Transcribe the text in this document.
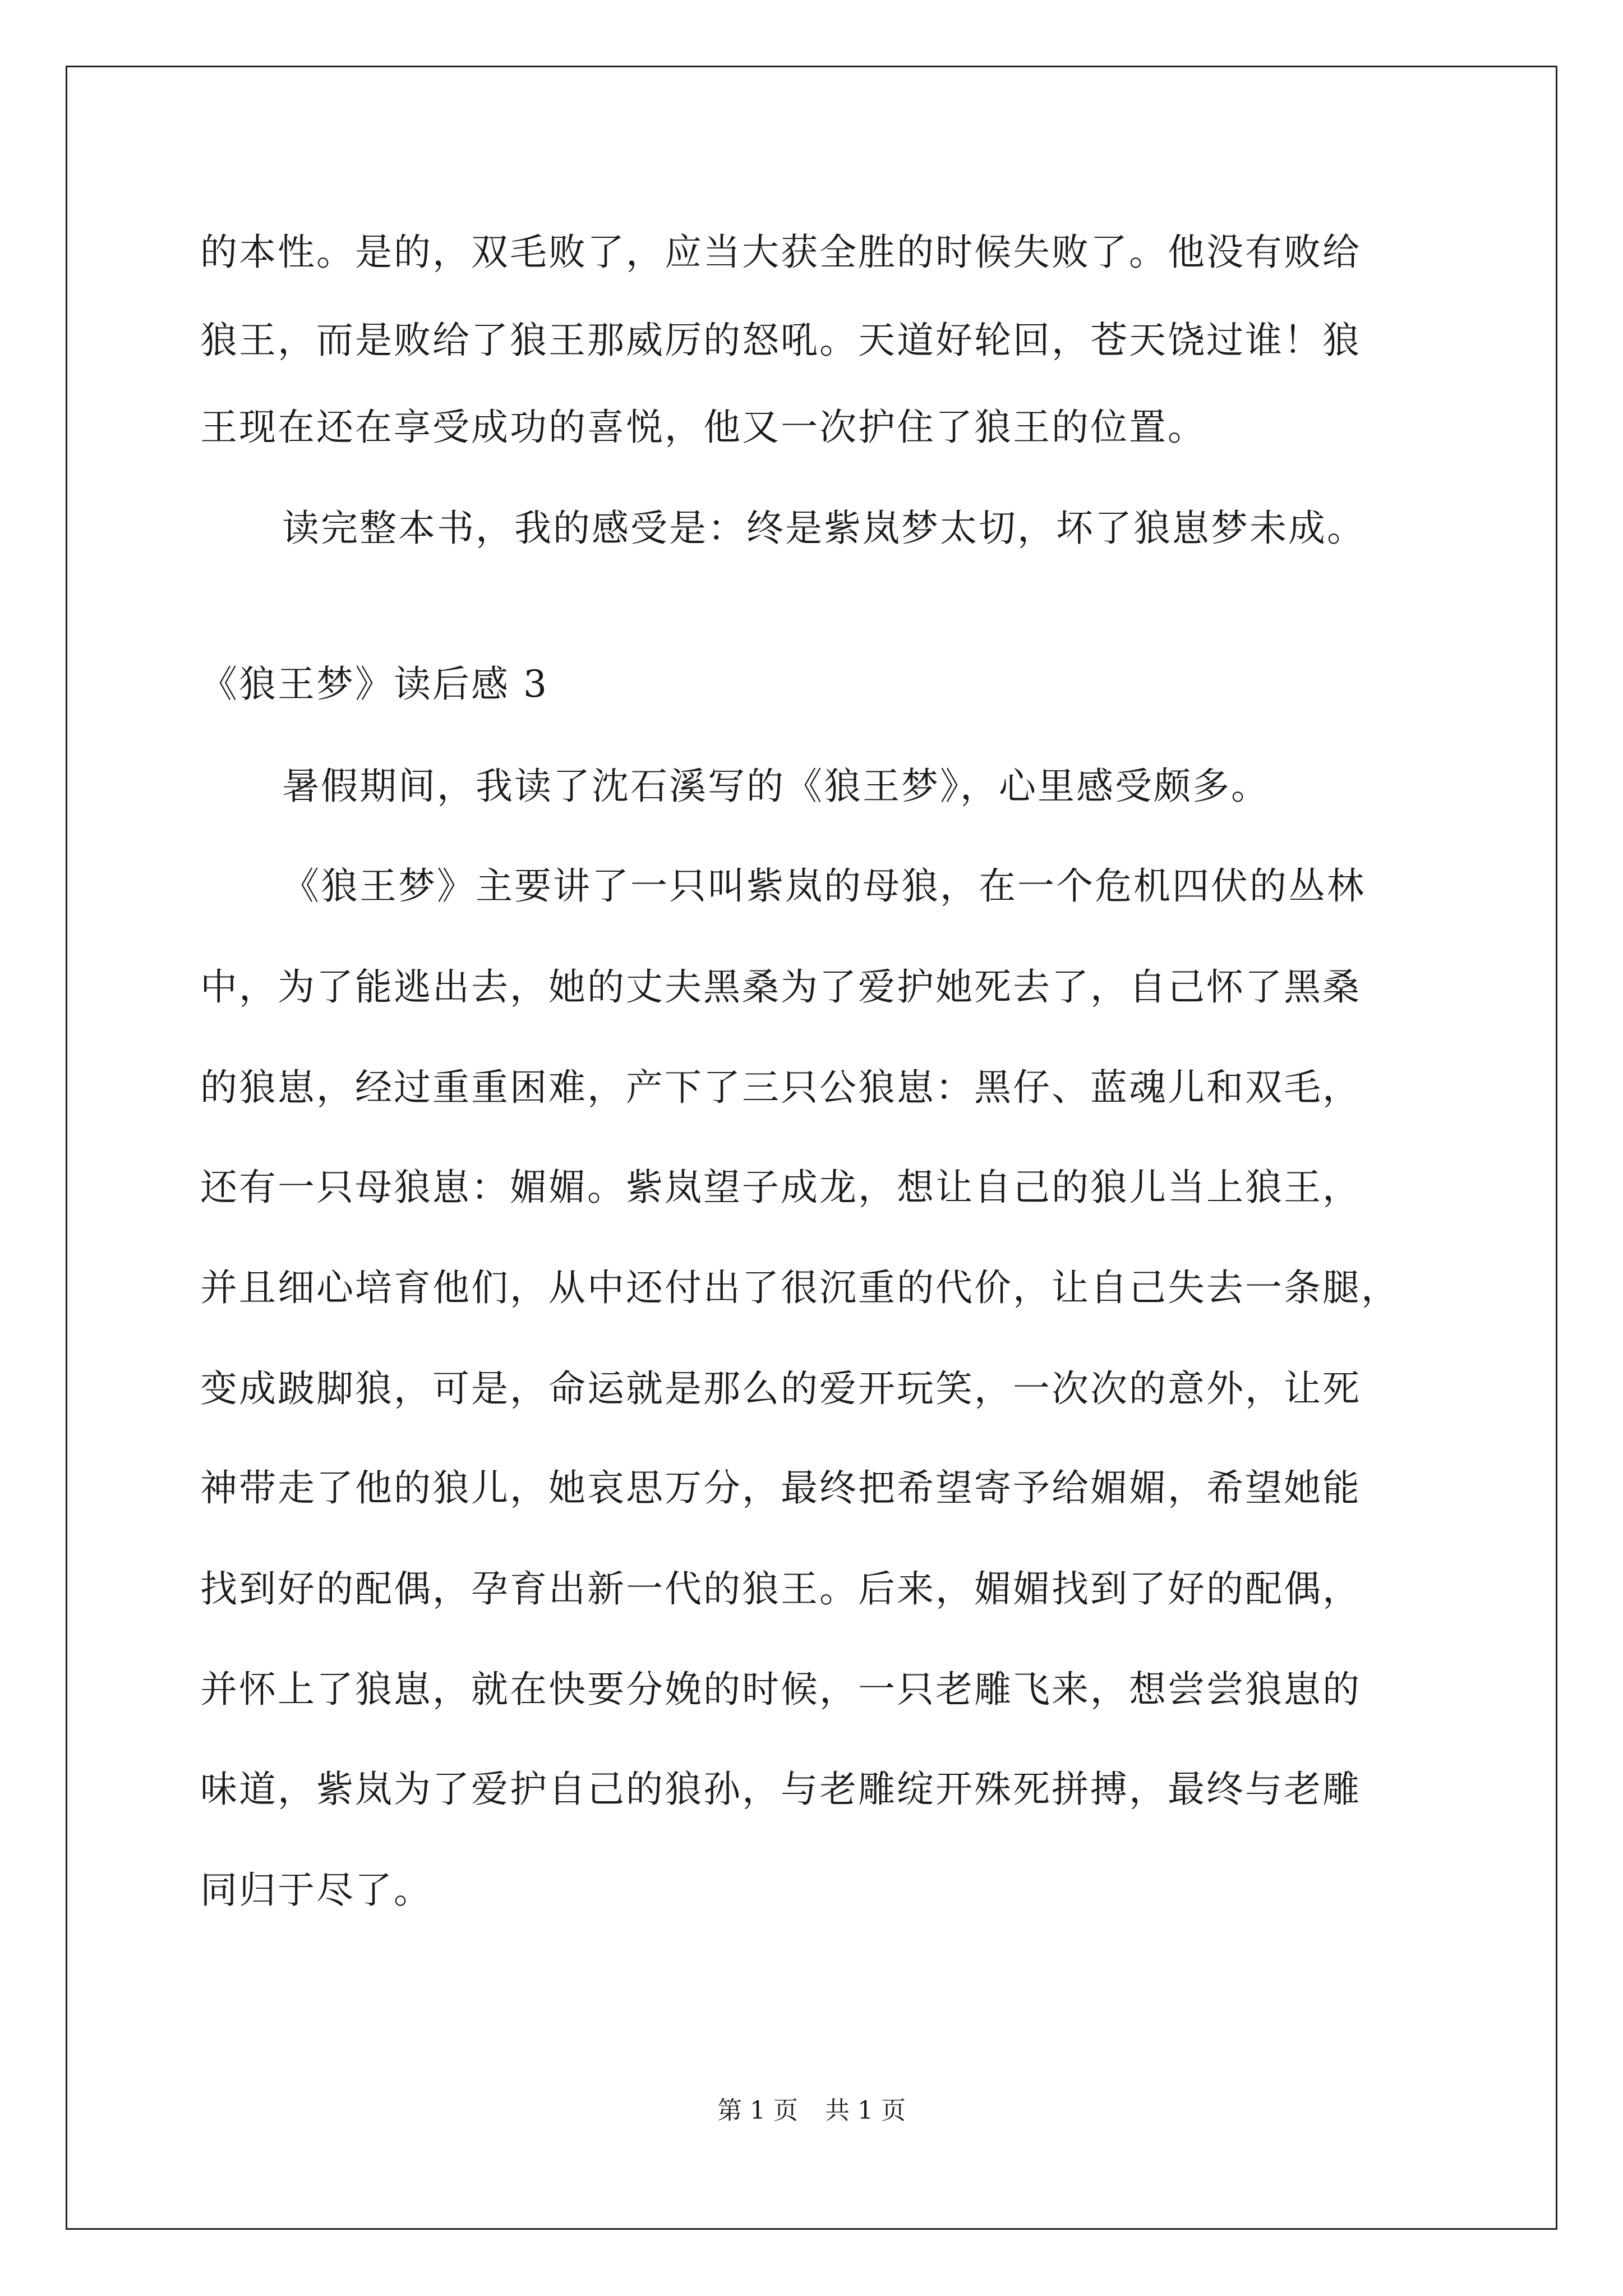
的本性。是的，双毛败了，应当大获全胜的时候失败了。他没有败给
狼王，而是败给了狼王那威厉的怒吼。天道好轮回，苍天饶过谁！狼
王现在还在享受成功的喜悦，他又一次护住了狼王的位置。
读完整本书，我的感受是：终是紫岚梦太切，坏了狼崽梦未成。
《狼王梦》读后感 3
暑假期间，我读了沈石溪写的《狼王梦》，心里感受颇多。
《狼王梦》主要讲了一只叫紫岚的母狼，在一个危机四伏的丛林
中，为了能逃出去，她的丈夫黑桑为了爱护她死去了，自己怀了黑桑
的狼崽，经过重重困难，产下了三只公狼崽：黑仔、蓝魂儿和双毛，
还有一只母狼崽：媚媚。紫岚望子成龙，想让自己的狼儿当上狼王，
并且细心培育他们，从中还付出了很沉重的代价，让自己失去一条腿，
变成跛脚狼，可是，命运就是那么的爱开玩笑，一次次的意外，让死
神带走了他的狼儿，她哀思万分，最终把希望寄予给媚媚，希望她能
找到好的配偶，孕育出新一代的狼王。后来，媚媚找到了好的配偶，
并怀上了狼崽，就在快要分娩的时候，一只老雕飞来，想尝尝狼崽的
味道，紫岚为了爱护自己的狼孙，与老雕绽开殊死拼搏，最终与老雕
同归于尽了。
第 1 页 共 1 页
